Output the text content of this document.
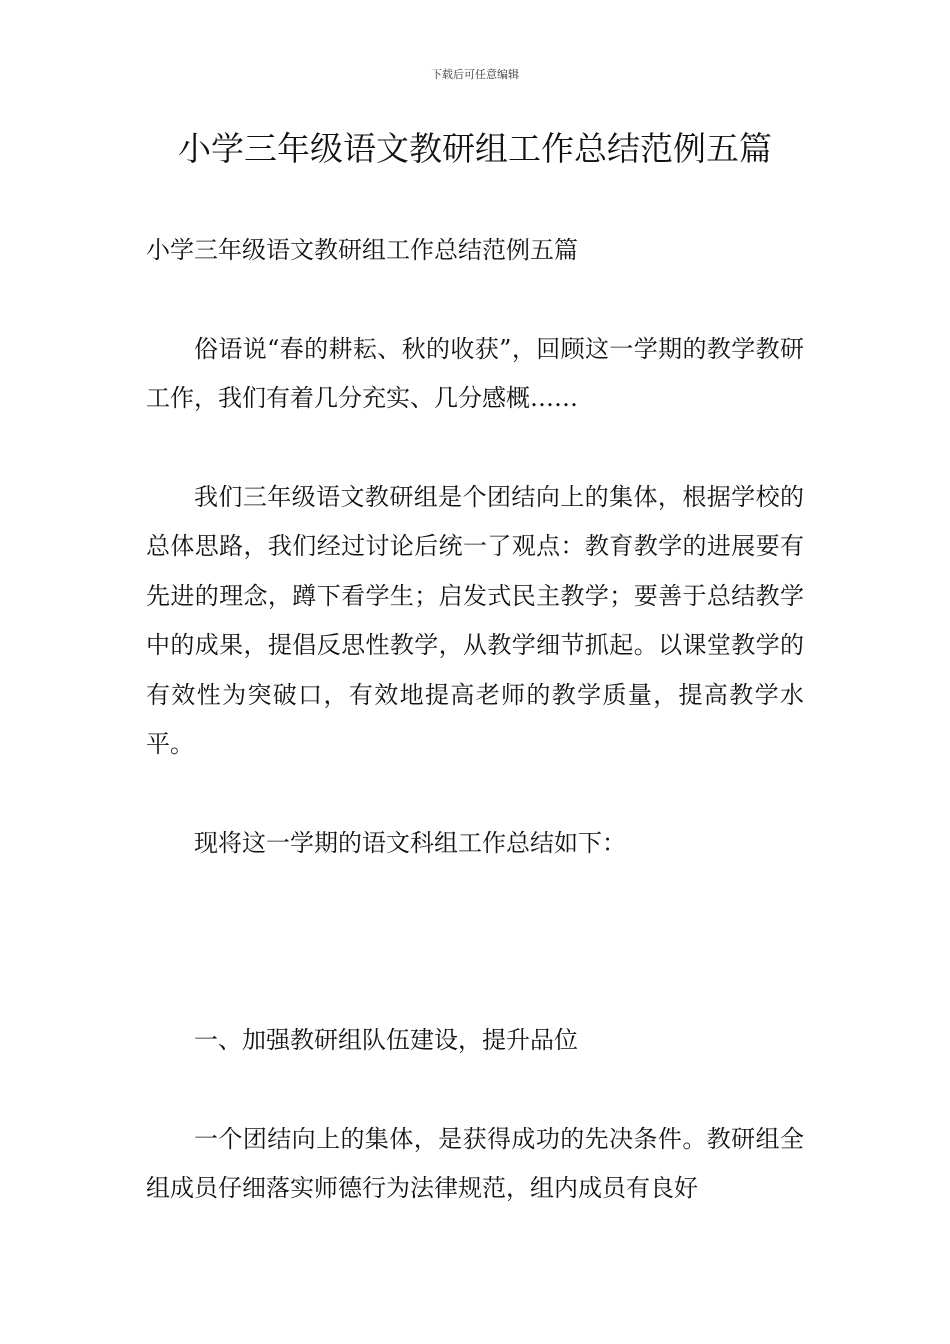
下载后可任意编辑
小学三年级语文教研组工作总结范例五篇

小学三年级语文教研组工作总结范例五篇

俗语说“春的耕耘、秋的收获”，回顾这一学期的教学教研工作，我们有着几分充实、几分感概……

我们三年级语文教研组是个团结向上的集体，根据学校的总体思路，我们经过讨论后统一了观点：教育教学的进展要有先进的理念，蹲下看学生；启发式民主教学；要善于总结教学中的成果，提倡反思性教学，从教学细节抓起。以课堂教学的有效性为突破口，有效地提高老师的教学质量，提高教学水平。

现将这一学期的语文科组工作总结如下：

一、加强教研组队伍建设，提升品位

一个团结向上的集体，是获得成功的先决条件。教研组全组成员仔细落实师德行为法律规范，组内成员有良好
